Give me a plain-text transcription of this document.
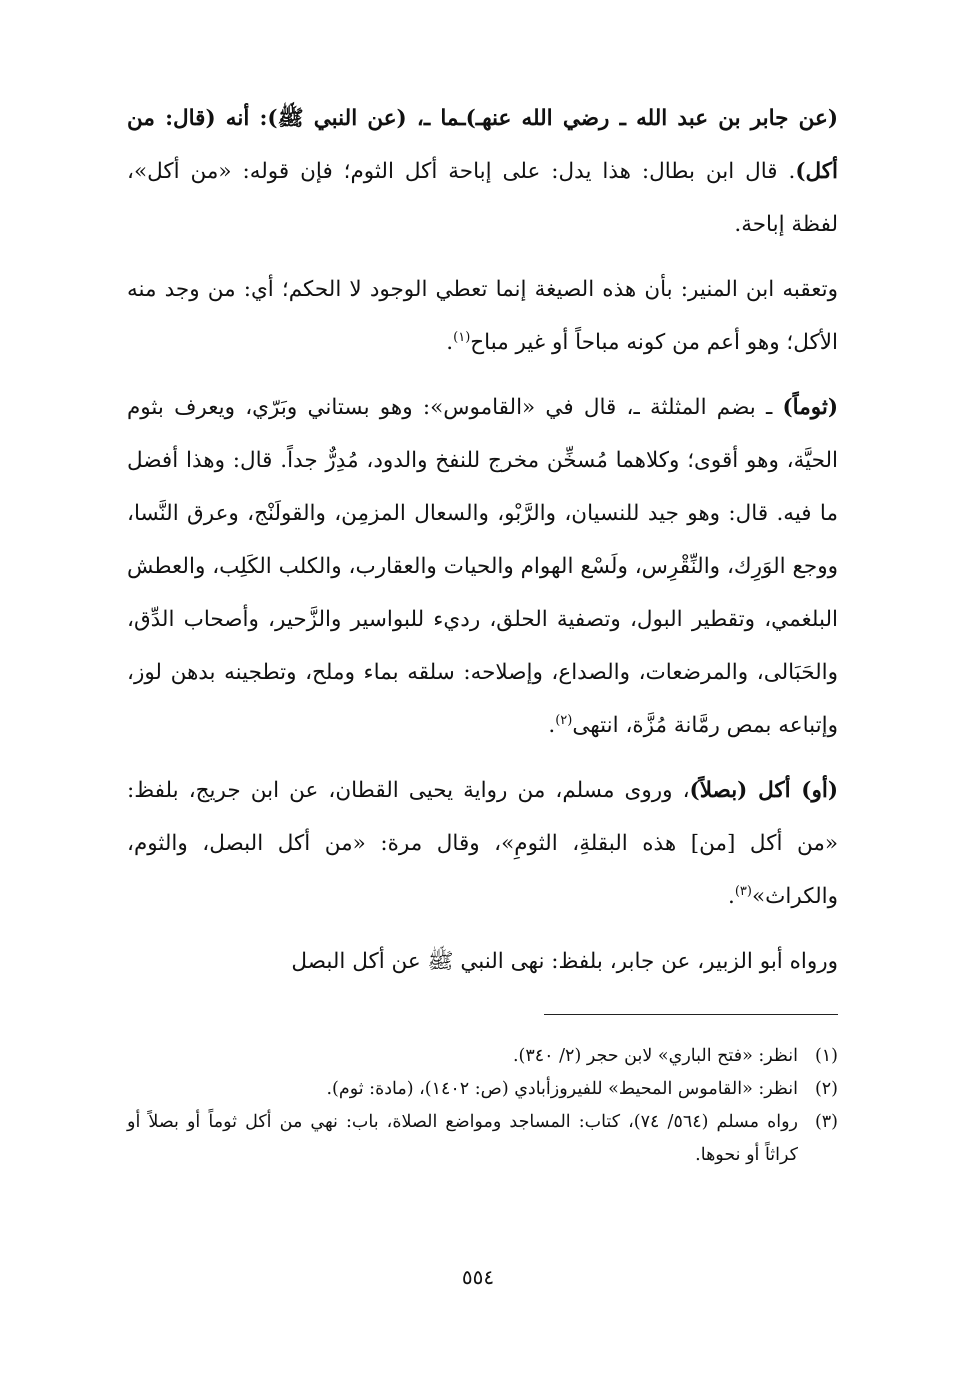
(عن جابر بن عبد الله ـ رضي الله عنهـ)ـما ـ، (عن النبي ﷺ): أنه (قال: من أكل). قال ابن بطال: هذا يدل: على إباحة أكل الثوم؛ فإن قوله: «من أكل»، لفظة إباحة.

وتعقبه ابن المنير: بأن هذه الصيغة إنما تعطي الوجود لا الحكم؛ أي: من وجد منه الأكل؛ وهو أعم من كونه مباحاً أو غير مباح$^{(١)}$.

(ثوماً) ـ بضم المثلثة ـ، قال في «القاموس»: وهو بستاني وبَرّي، ويعرف بثوم الحيَّة، وهو أقوى؛ وكلاهما مُسخِّن مخرج للنفخ والدود، مُدِرٌّ جداً. قال: وهذا أفضل ما فيه. قال: وهو جيد للنسيان، والرَّبْو، والسعال المزمِن، والقولَنْج، وعرق النَّسا، ووجع الوَرِك، والنِّقْرِس، ولَسْع الهوام والحيات والعقارب، والكلب الكَلِب، والعطش البلغمي، وتقطير البول، وتصفية الحلق، رديء للبواسير والزَّحير، وأصحاب الدِّق، والحَبَالى، والمرضعات، والصداع، وإصلاحه: سلقه بماء وملح، وتطجينه بدهن لوز، وإتباعه بمص رمَّانة مُزَّة، انتهى$^{(٢)}$.

(أو) أكل (بصلاً)، وروى مسلم، من رواية يحيى القطان، عن ابن جريج، بلفظ: «من أكل [من] هذه البقلةِ، الثومِ»، وقال مرة: «من أكل البصل، والثوم، والكراث»$^{(٣)}$.

ورواه أبو الزبير، عن جابر، بلفظ: نهى النبي ﷺ عن أكل البصل

(١)
انظر: «فتح الباري» لابن حجر (٢/ ٣٤٠).
(٢)
انظر: «القاموس المحيط» للفيروزأبادي (ص: ١٤٠٢)، (مادة: ثوم).
(٣)
رواه مسلم (٥٦٤/ ٧٤)، كتاب: المساجد ومواضع الصلاة، باب: نهي من أكل ثوماً أو بصلاً أو كراثاً أو نحوها.
٥٥٤
